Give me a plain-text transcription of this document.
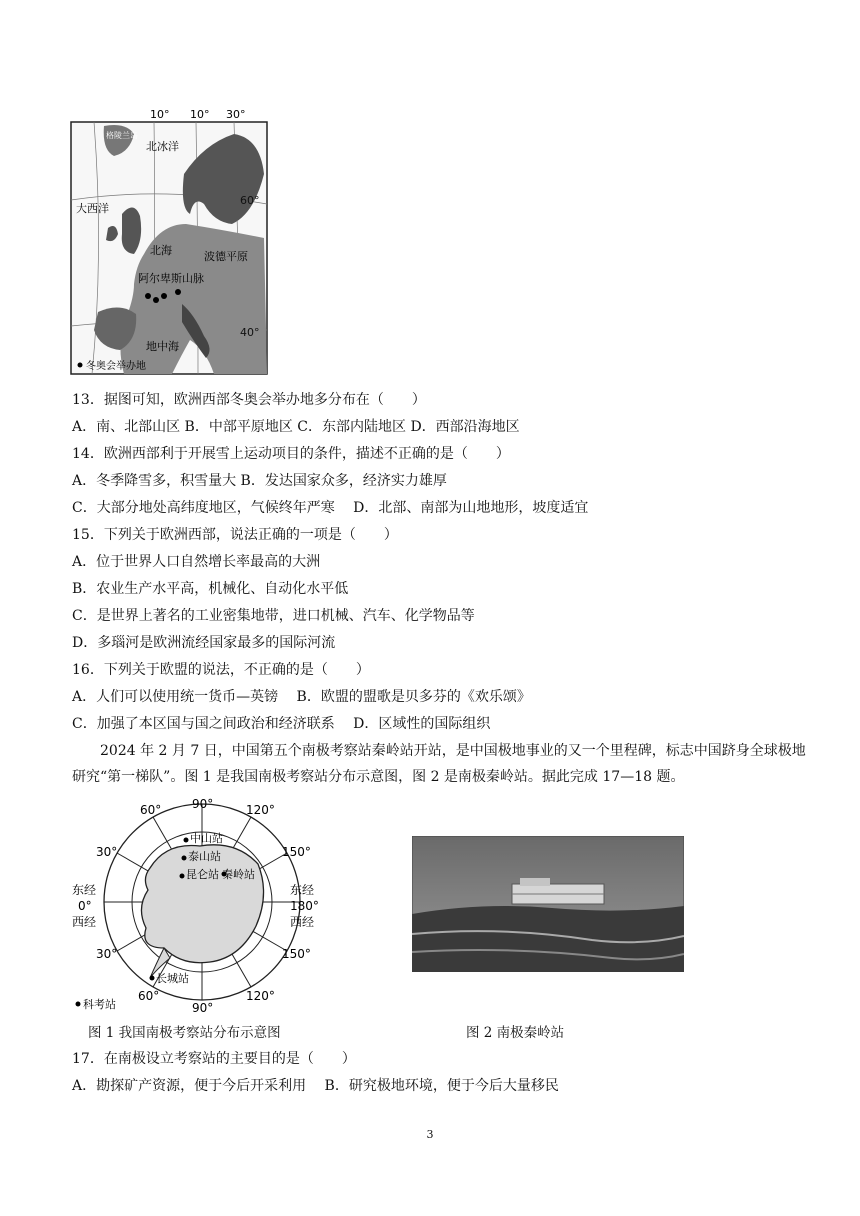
10° 10° 30°
格陵兰岛
北冰洋
大西洋
北海	波德平原
阿尔卑斯山脉
地中海
60°
40°
冬奥会举办地
13．据图可知，欧洲西部冬奥会举办地多分布在（　　）
A．南、北部山区 B．中部平原地区 C．东部内陆地区 D．西部沿海地区
14．欧洲西部利于开展雪上运动项目的条件，描述不正确的是（　　）
A．冬季降雪多，积雪量大 B．发达国家众多，经济实力雄厚
C．大部分地处高纬度地区，气候终年严寒　 D．北部、南部为山地地形，坡度适宜
15．下列关于欧洲西部，说法正确的一项是（　　）
A．位于世界人口自然增长率最高的大洲
B．农业生产水平高，机械化、自动化水平低
C．是世界上著名的工业密集地带，进口机械、汽车、化学物品等
D．多瑙河是欧洲流经国家最多的国际河流
16．下列关于欧盟的说法，不正确的是（　　）
A．人们可以使用统一货币—英镑　 B．欧盟的盟歌是贝多芬的《欢乐颂》
C．加强了本区国与国之间政治和经济联系　 D．区域性的国际组织
2024 年 2 月 7 日，中国第五个南极考察站秦岭站开站，是中国极地事业的又一个里程碑，标志中国跻身全球极地研究“第一梯队”。图 1 是我国南极考察站分布示意图，图 2 是南极秦岭站。据此完成 17—18 题。
60°	90°	120°
30°	150°
东经
0°
西经
东经
180°
西经
30°	150°
60°
90°
120°
中山站
泰山站
昆仑站 秦岭站
长城站
科考站
图 1 我国南极考察站分布示意图	图 2 南极秦岭站
17．在南极设立考察站的主要目的是（　　）
A．勘探矿产资源，便于今后开采利用　 B．研究极地环境，便于今后大量移民
3
